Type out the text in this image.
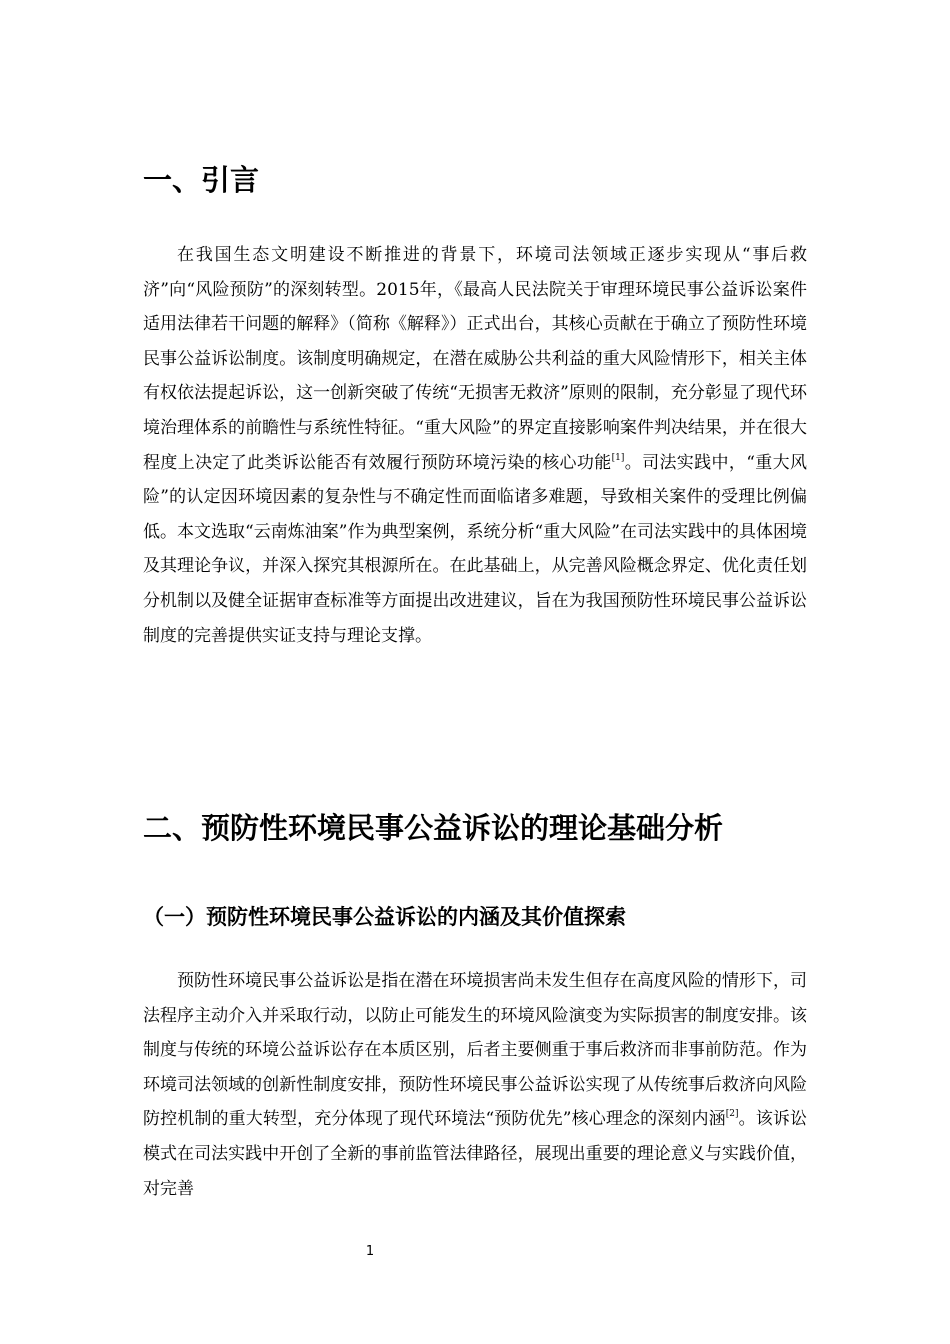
一、引言

在我国生态文明建设不断推进的背景下，环境司法领域正逐步实现从“事后救济”向“风险预防”的深刻转型。2015年，《最高人民法院关于审理环境民事公益诉讼案件适用法律若干问题的解释》（简称《解释》）正式出台，其核心贡献在于确立了预防性环境民事公益诉讼制度。该制度明确规定，在潜在威胁公共利益的重大风险情形下，相关主体有权依法提起诉讼，这一创新突破了传统“无损害无救济”原则的限制，充分彰显了现代环境治理体系的前瞻性与系统性特征。“重大风险”的界定直接影响案件判决结果，并在很大程度上决定了此类诉讼能否有效履行预防环境污染的核心功能[1]。司法实践中，“重大风险”的认定因环境因素的复杂性与不确定性而面临诸多难题，导致相关案件的受理比例偏低。本文选取“云南炼油案”作为典型案例，系统分析“重大风险”在司法实践中的具体困境及其理论争议，并深入探究其根源所在。在此基础上，从完善风险概念界定、优化责任划分机制以及健全证据审查标准等方面提出改进建议，旨在为我国预防性环境民事公益诉讼制度的完善提供实证支持与理论支撑。

二、预防性环境民事公益诉讼的理论基础分析
（一）预防性环境民事公益诉讼的内涵及其价值探索

预防性环境民事公益诉讼是指在潜在环境损害尚未发生但存在高度风险的情形下，司法程序主动介入并采取行动，以防止可能发生的环境风险演变为实际损害的制度安排。该制度与传统的环境公益诉讼存在本质区别，后者主要侧重于事后救济而非事前防范。作为环境司法领域的创新性制度安排，预防性环境民事公益诉讼实现了从传统事后救济向风险防控机制的重大转型，充分体现了现代环境法“预防优先”核心理念的深刻内涵[2]。该诉讼模式在司法实践中开创了全新的事前监管法律路径，展现出重要的理论意义与实践价值，对完善

1
